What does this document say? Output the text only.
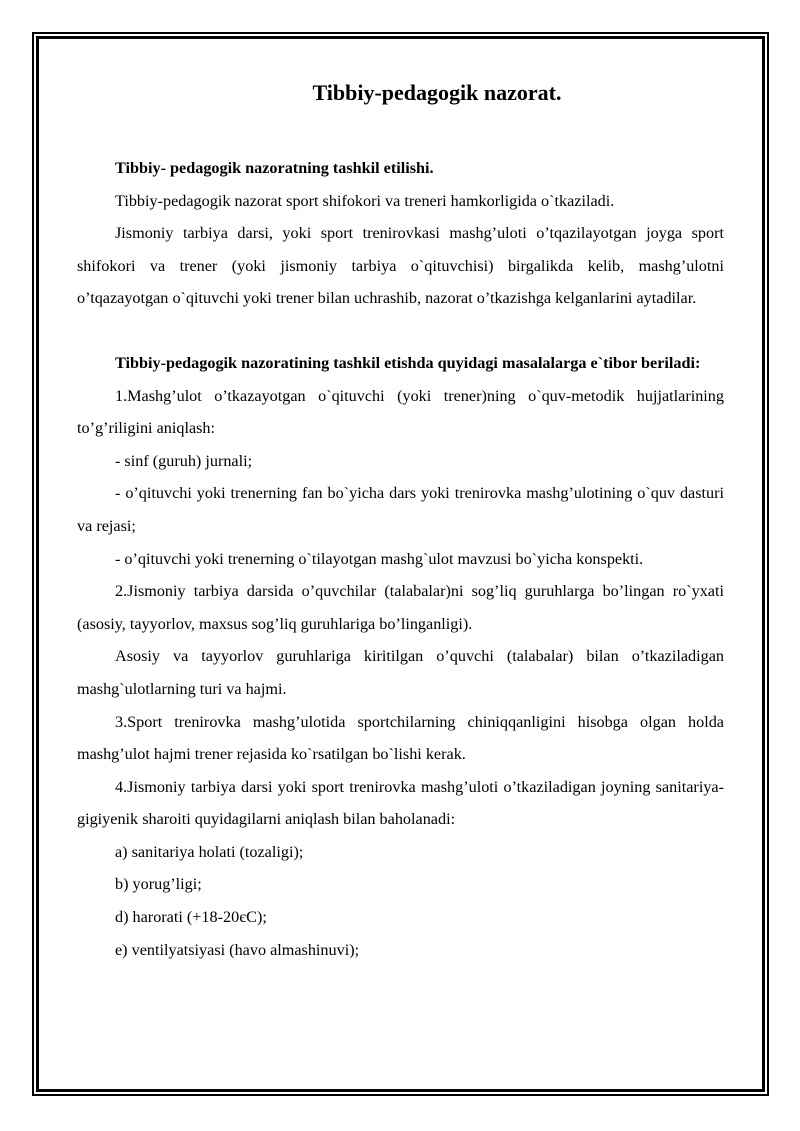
Tibbiy-pedagogik nazorat.

Tibbiy- pedagogik nazoratning tashkil etilishi.

Tibbiy-pedagogik nazorat sport shifokori va treneri hamkorligida o`tkaziladi.

Jismoniy tarbiya darsi, yoki sport trenirovkasi mashg’uloti o’tqazilayotgan joyga sport shifokori va trener (yoki jismoniy tarbiya o`qituvchisi) birgalikda kelib, mashg’ulotni o’tqazayotgan o`qituvchi yoki trener bilan uchrashib, nazorat o’tkazishga kelganlarini aytadilar.

Tibbiy-pedagogik nazoratining tashkil etishda quyidagi masalalarga e`tibor beriladi:

1.Mashg’ulot o’tkazayotgan o`qituvchi (yoki trener)ning o`quv-metodik hujjatlarining to’g’riligini aniqlash:

- sinf (guruh) jurnali;

- o’qituvchi yoki trenerning fan bo`yicha dars yoki trenirovka mashg’ulotining o`quv dasturi va rejasi;

- o’qituvchi yoki trenerning o`tilayotgan mashg`ulot mavzusi bo`yicha konspekti.

2.Jismoniy tarbiya darsida o’quvchilar (talabalar)ni sog’liq guruhlarga bo’lingan ro`yxati (asosiy, tayyorlov, maxsus sog’liq guruhlariga bo’linganligi).

Asosiy va tayyorlov guruhlariga kiritilgan o’quvchi (talabalar) bilan o’tkaziladigan mashg`ulotlarning turi va hajmi.

3.Sport trenirovka mashg’ulotida sportchilarning chiniqqanligini hisobga olgan holda mashg’ulot hajmi trener rejasida ko`rsatilgan bo`lishi kerak.

4.Jismoniy tarbiya darsi yoki sport trenirovka mashg’uloti o’tkaziladigan joyning sanitariya-gigiyenik sharoiti quyidagilarni aniqlash bilan baholanadi:

a) sanitariya holati (tozaligi);

b) yorug’ligi;

d) harorati (+18-20єC);

e) ventilyatsiyasi (havo almashinuvi);
